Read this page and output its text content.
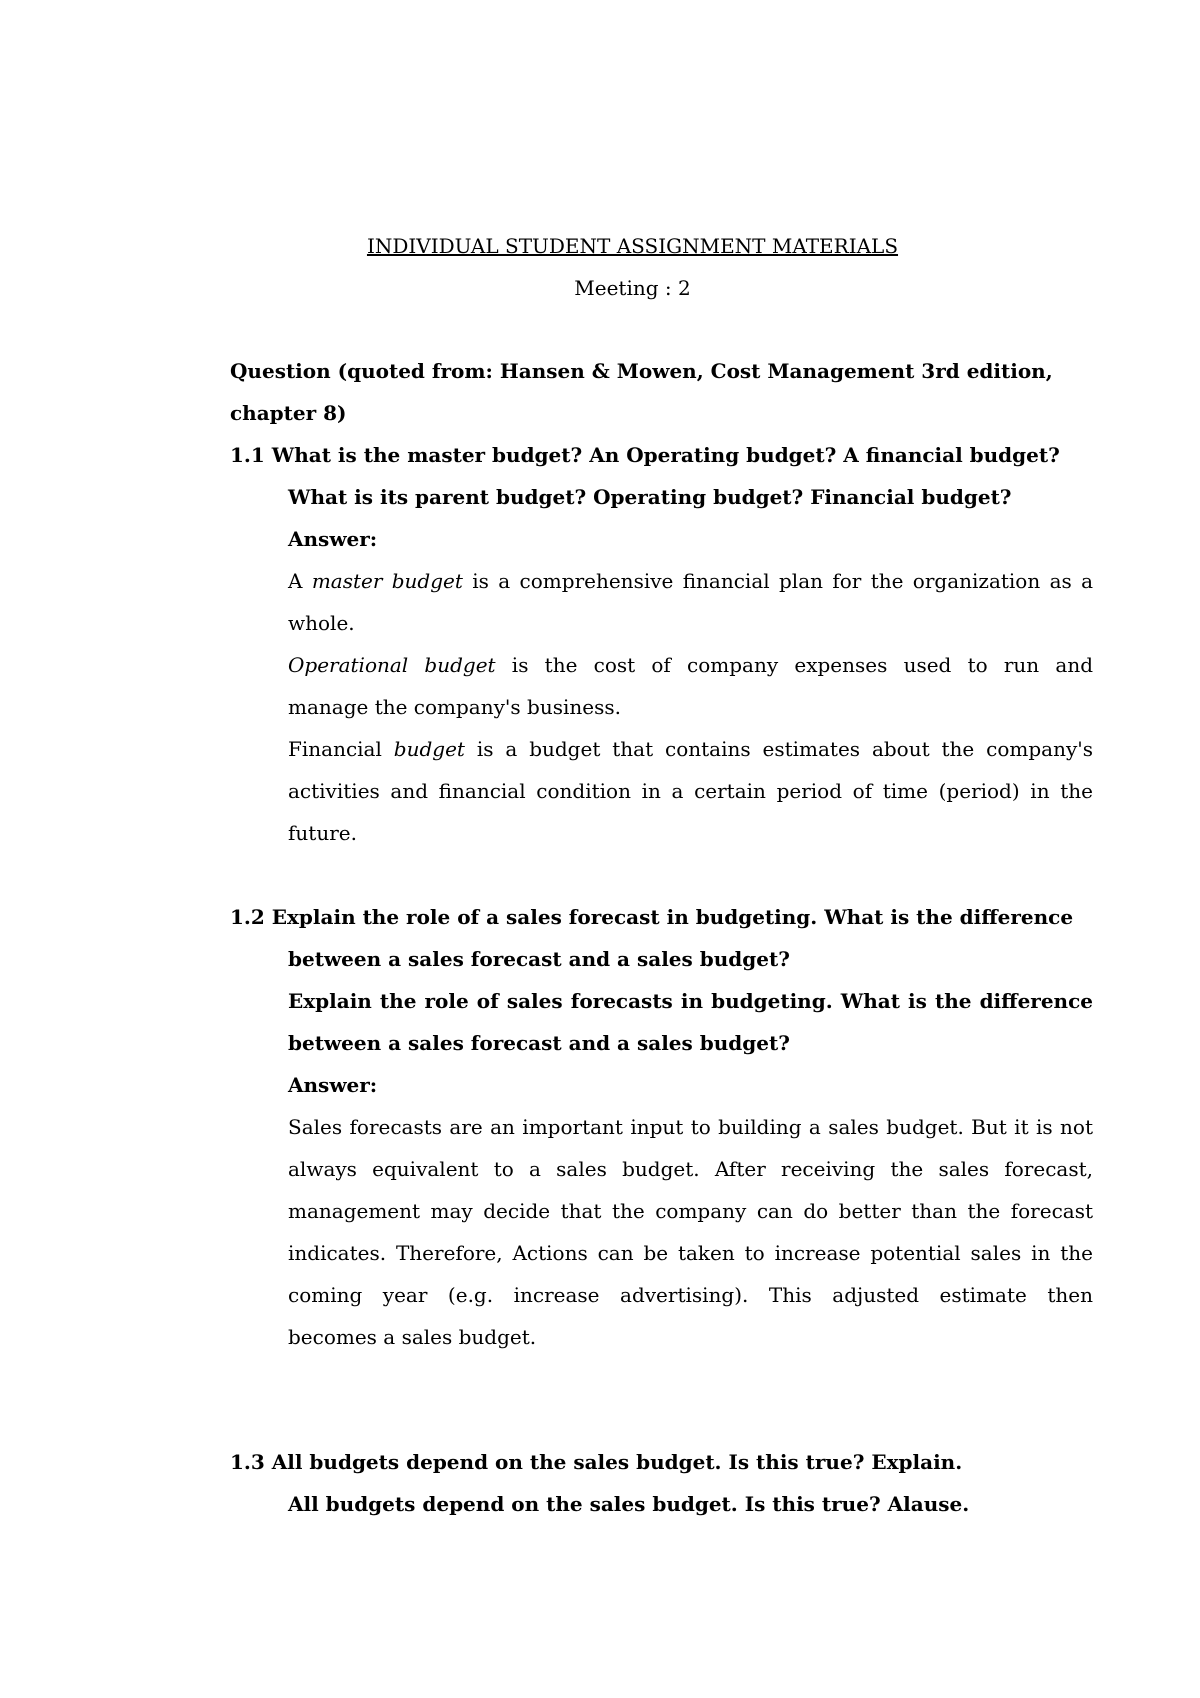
INDIVIDUAL STUDENT ASSIGNMENT MATERIALS
Meeting : 2
Question (quoted from: Hansen & Mowen, Cost Management 3rd edition,
chapter 8)
1.1 What is the master budget? An Operating budget? A financial budget?
What is its parent budget? Operating budget? Financial budget?
Answer:
A master budget is a comprehensive financial plan for the organization as a
whole.
Operational budget is the cost of company expenses used to run and
manage the company's business.
Financial budget is a budget that contains estimates about the company's
activities and financial condition in a certain period of time (period) in the
future.
1.2 Explain the role of a sales forecast in budgeting. What is the difference
between a sales forecast and a sales budget?
Explain the role of sales forecasts in budgeting. What is the difference
between a sales forecast and a sales budget?
Answer:
Sales forecasts are an important input to building a sales budget. But it is not
always equivalent to a sales budget. After receiving the sales forecast,
management may decide that the company can do better than the forecast
indicates. Therefore, Actions can be taken to increase potential sales in the
coming year (e.g. increase advertising). This adjusted estimate then
becomes a sales budget.
1.3 All budgets depend on the sales budget. Is this true? Explain.
All budgets depend on the sales budget. Is this true? Alause.
